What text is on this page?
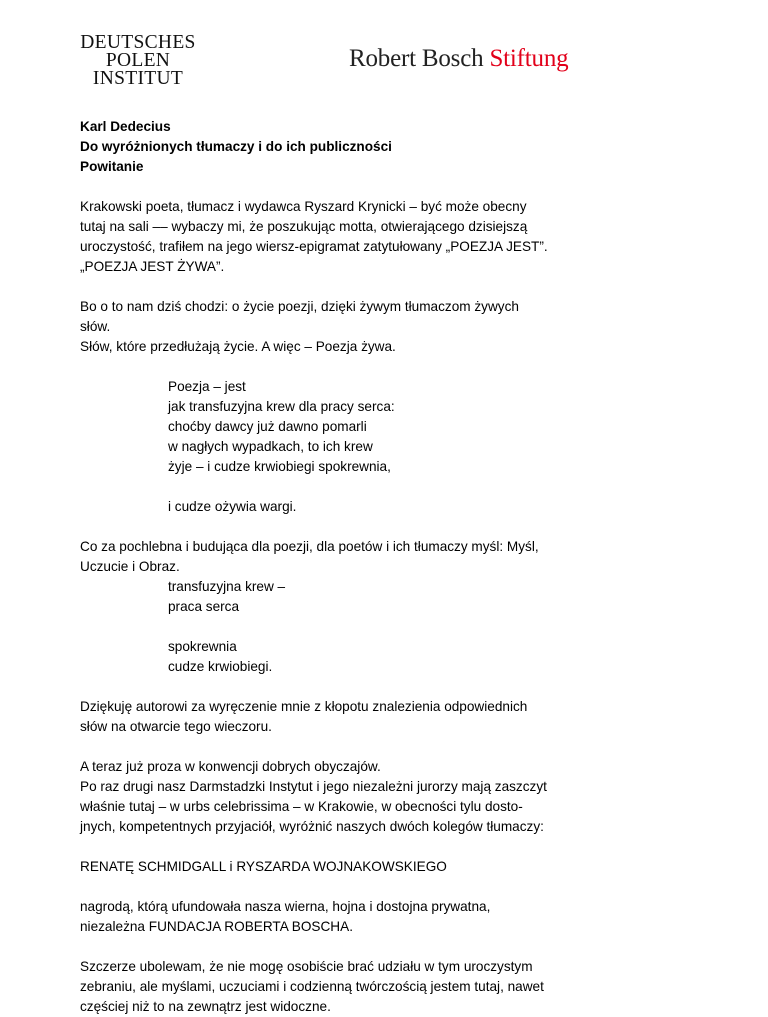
DEUTSCHES
POLEN
INSTITUT
Robert Bosch Stiftung

Karl Dedecius

Do wyróżnionych tłumaczy i do ich publiczności

Powitanie

Krakowski poeta, tłumacz i wydawca Ryszard Krynicki – być może obecny

tutaj na sali –– wybaczy mi, że poszukując motta, otwierającego dzisiejszą

uroczystość, trafiłem na jego wiersz-epigramat zatytułowany „POEZJA JEST”.

„POEZJA JEST ŻYWA”.

Bo o to nam dziś chodzi: o życie poezji, dzięki żywym tłumaczom żywych

słów.

Słów, które przedłużają życie. A więc – Poezja żywa.

Poezja – jest

jak transfuzyjna krew dla pracy serca:

choćby dawcy już dawno pomarli

w nagłych wypadkach, to ich krew

żyje – i cudze krwiobiegi spokrewnia,

i cudze ożywia wargi.

Co za pochlebna i budująca dla poezji, dla poetów i ich tłumaczy myśl: Myśl,

Uczucie i Obraz.

transfuzyjna krew –

praca serca

spokrewnia

cudze krwiobiegi.

Dziękuję autorowi za wyręczenie mnie z kłopotu znalezienia odpowiednich

słów na otwarcie tego wieczoru.

A teraz już proza w konwencji dobrych obyczajów.

Po raz drugi nasz Darmstadzki Instytut i jego niezależni jurorzy mają zaszczyt

właśnie tutaj – w urbs celebrissima – w Krakowie, w obecności tylu dosto-

jnych, kompetentnych przyjaciół, wyróżnić naszych dwóch kolegów tłumaczy:

RENATĘ SCHMIDGALL i RYSZARDA WOJNAKOWSKIEGO

nagrodą, którą ufundowała nasza wierna, hojna i dostojna prywatna,

niezależna FUNDACJA ROBERTA BOSCHA.

Szczerze ubolewam, że nie mogę osobiście brać udziału w tym uroczystym

zebraniu, ale myślami, uczuciami i codzienną twórczością jestem tutaj, nawet

częściej niż to na zewnątrz jest widoczne.
